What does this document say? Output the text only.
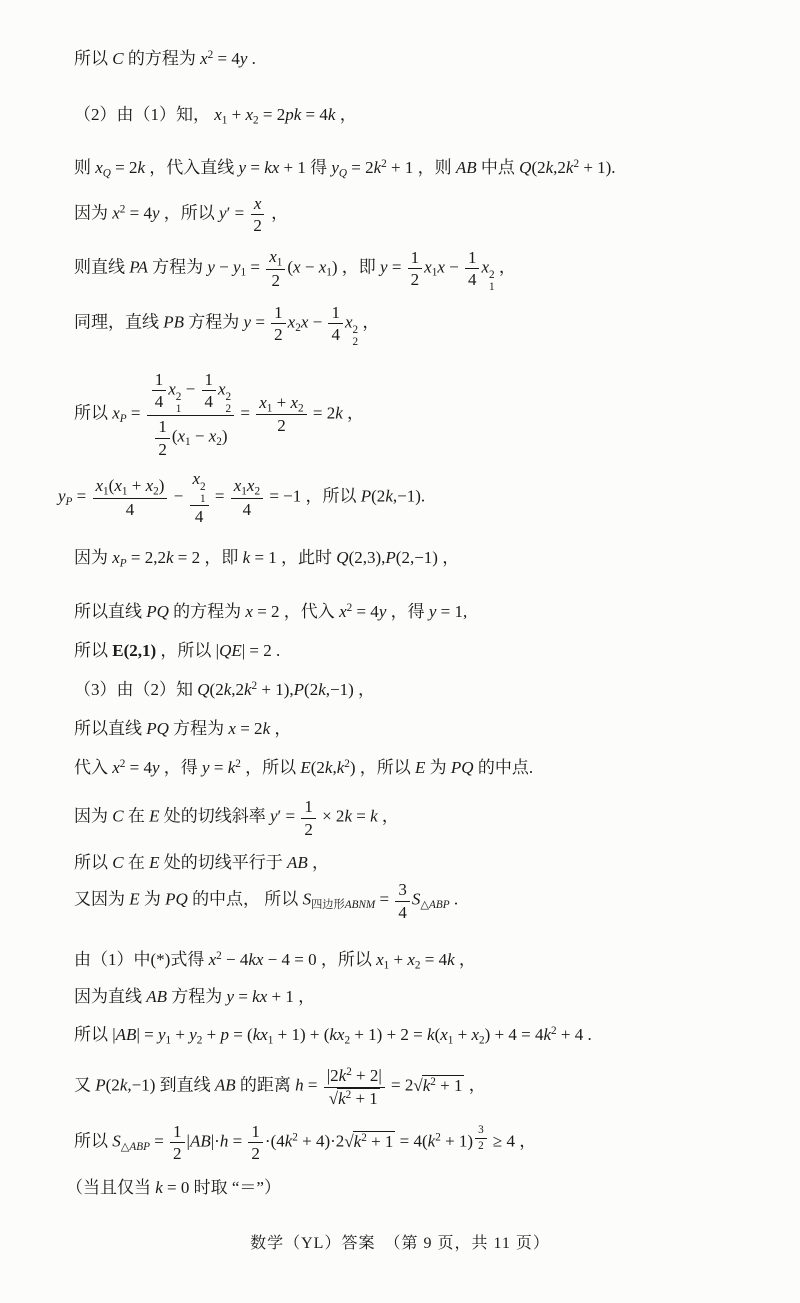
所以 C 的方程为 $x^2 = 4y$ .
（2）由（1）知， $x_1 + x_2 = 2pk = 4k$ ，
则 $x_Q = 2k$ ，代入直线 y = kx + 1 得 $y_Q = 2k^2 + 1$ ，则 AB 中点 $Q(2k,2k^2 + 1)$.
因为 $x^2 = 4y$ ，所以 $y' = \frac{x}{2}$ ，
则直线 PA 方程为 $y - y_1 = \frac{x_1}{2} (x - x_1)$ ，即 $y = \frac{1}{2} x_1x - \frac{1}{4}$ x 2
1
，
同理，直线 PB 方程为 $y = \frac{1}{2} x_2x - \frac{1}{4}$ x 2
2
，
所以 $x_P = \frac{1}{4}$ x 2
1
− $\frac{1}{4}$ x 2
2
$\frac{1}{2} (x_1 - x_2) = \frac{x_1 + x_2}{2} = 2k$ ，
$y_P = \frac{x_1(x_1 + x_2)}{4} - x$ 2
1
$4 = \frac{x_1x_2}{4} = -1$ ，所以 P(2k,−1).
因为 $x_P = 2,2k = 2$ ，即 k = 1 ，此时 Q(2,3),P(2,−1) ，
所以直线 PQ 的方程为 x = 2 ，代入 $x^2 = 4y$ ，得 y = 1,
所以 E(2,1) ，所以 |QE| = 2 .
（3）由（2）知 $Q(2k,2k^2 + 1),P(2k,-1)$ ，
所以直线 PQ 方程为 x = 2k ，
代入 $x^2 = 4y$ ，得 $y = k^2$ ，所以 $E(2k,k^2)$ ，所以 E 为 PQ 的中点.
因为 C 在 E 处的切线斜率 $y' = \frac{1}{2} \times 2k = k$ ，
所以 C 在 E 处的切线平行于 AB ，
又因为 E 为 PQ 的中点， 所以 $S_{四边形ABNM} = \frac{3}{4} S_{\triangle ABP}$ .
由（1）中(*)式得 $x^2 - 4kx - 4 = 0$ ，所以 $x_1 + x_2 = 4k$ ，
因为直线 AB 方程为 y = kx + 1 ，
所以 $|AB| = y_1 + y_2 + p = (kx_1 + 1) + (kx_2 + 1) + 2 = k(x_1 + x_2) + 4 = 4k^2 + 4$ .
又 P(2k,−1) 到直线 AB 的距离 $h = \frac{|2k^2 + 2|}{√k^2 + 1} = 2√k^2 + 1$ ，
所以 $S_{\triangle ABP} = \frac{1}{2} |AB|\cdot h = \frac{1}{2} \cdot(4k^2 + 4)\cdot 2√k^2 + 1 = 4(k^2 + 1) ^{\frac{3}{2}} \ge 4$ ，
（当且仅当 k = 0 时取 “＝”）
数学（YL）答案　（第 9 页，共 11 页）
